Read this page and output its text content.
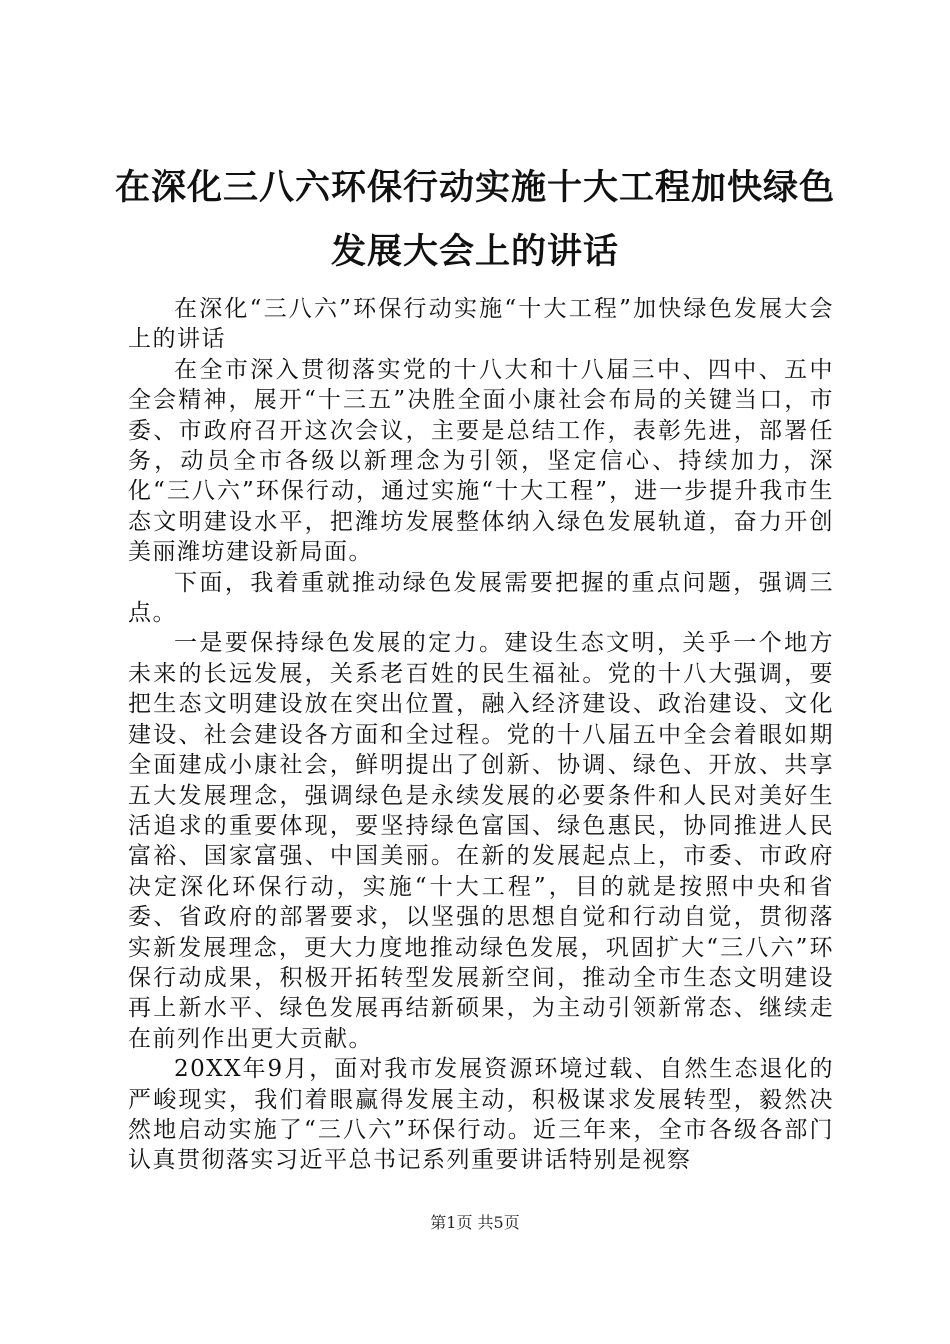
在深化三八六环保行动实施十大工程加快绿色
发展大会上的讲话

在深化“三八六”环保行动实施“十大工程”加快绿色发展大会上的讲话

在全市深入贯彻落实党的十八大和十八届三中、四中、五中全会精神，展开“十三五”决胜全面小康社会布局的关键当口，市委、市政府召开这次会议，主要是总结工作，表彰先进，部署任务，动员全市各级以新理念为引领，坚定信心、持续加力，深化“三八六”环保行动，通过实施“十大工程”，进一步提升我市生态文明建设水平，把潍坊发展整体纳入绿色发展轨道，奋力开创美丽潍坊建设新局面。

下面，我着重就推动绿色发展需要把握的重点问题，强调三点。

一是要保持绿色发展的定力。建设生态文明，关乎一个地方未来的长远发展，关系老百姓的民生福祉。党的十八大强调，要把生态文明建设放在突出位置，融入经济建设、政治建设、文化建设、社会建设各方面和全过程。党的十八届五中全会着眼如期全面建成小康社会，鲜明提出了创新、协调、绿色、开放、共享五大发展理念，强调绿色是永续发展的必要条件和人民对美好生活追求的重要体现，要坚持绿色富国、绿色惠民，协同推进人民富裕、国家富强、中国美丽。在新的发展起点上，市委、市政府决定深化环保行动，实施“十大工程”，目的就是按照中央和省委、省政府的部署要求，以坚强的思想自觉和行动自觉，贯彻落实新发展理念，更大力度地推动绿色发展，巩固扩大“三八六”环保行动成果，积极开拓转型发展新空间，推动全市生态文明建设再上新水平、绿色发展再结新硕果，为主动引领新常态、继续走在前列作出更大贡献。

20XX年9月，面对我市发展资源环境过载、自然生态退化的严峻现实，我们着眼赢得发展主动，积极谋求发展转型，毅然决然地启动实施了“三八六”环保行动。近三年来，全市各级各部门认真贯彻落实习近平总书记系列重要讲话特别是视察

第1页 共5页
